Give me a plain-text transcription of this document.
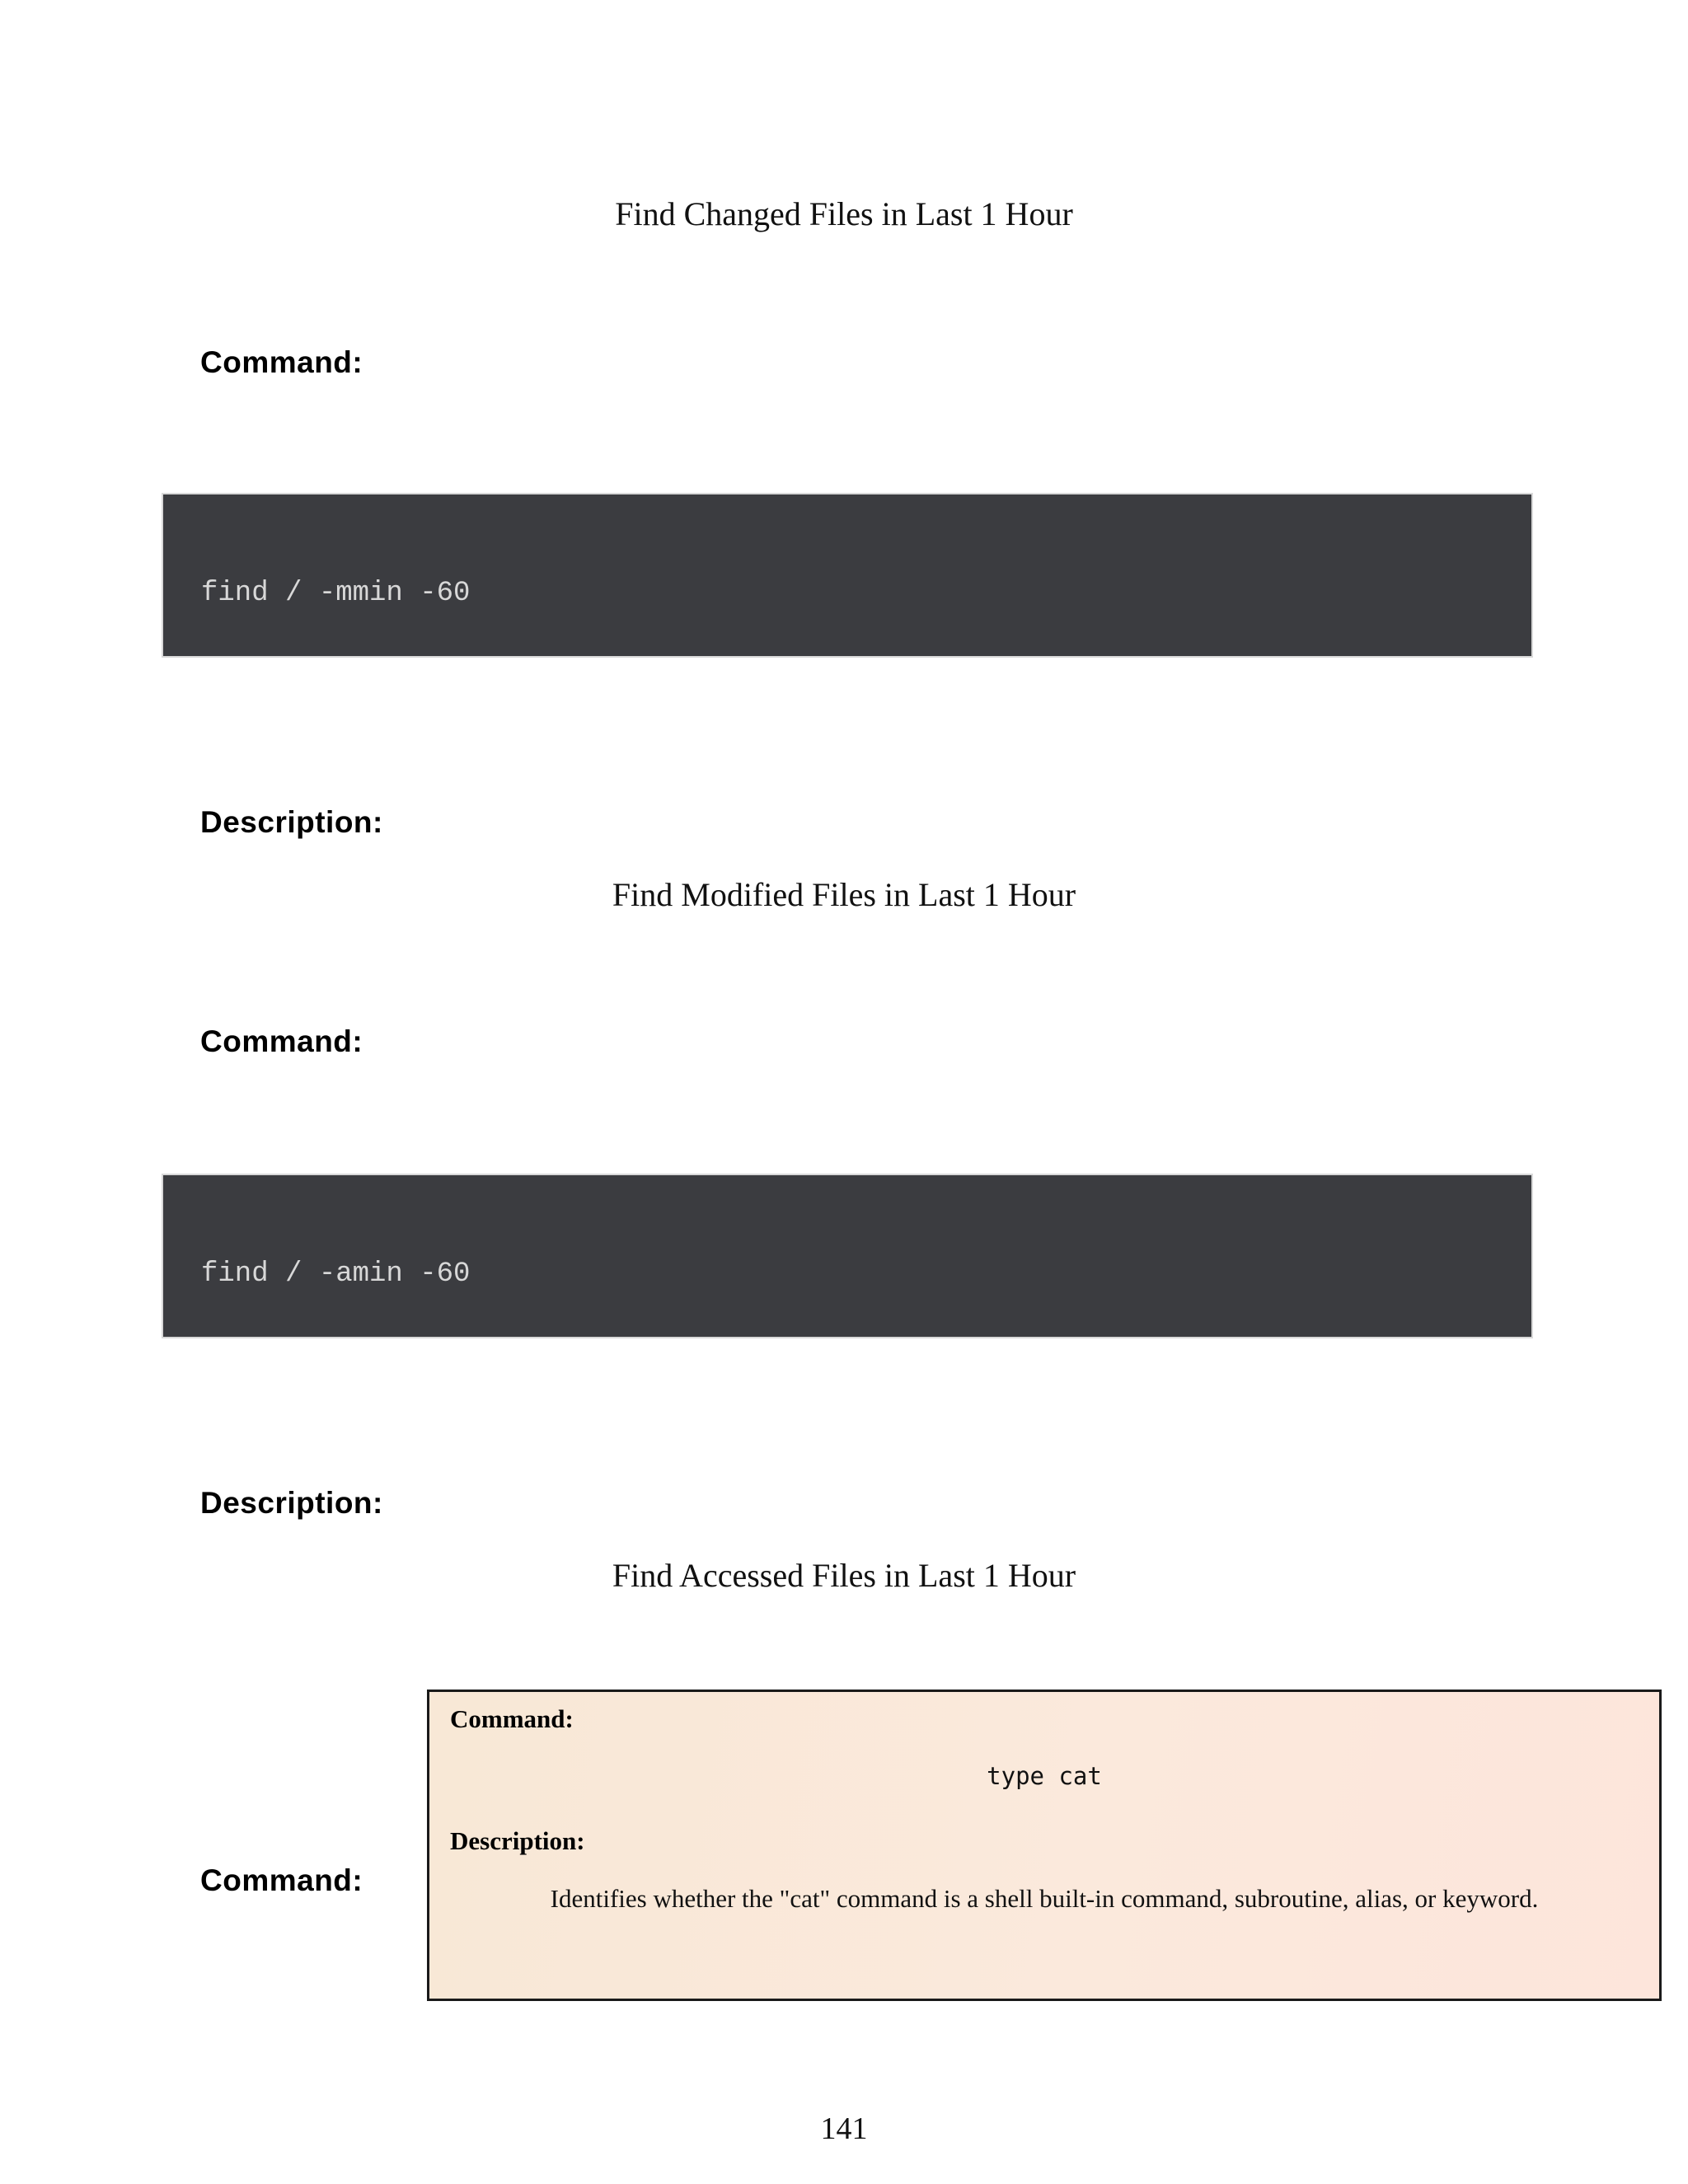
Find Changed Files in Last 1 Hour
Command:
find / -mmin -60
Description:
Find Modified Files in Last 1 Hour
Command:
find / -amin -60
Description:
Find Accessed Files in Last 1 Hour
Command:
Command:
type cat
Description:
Identifies whether the "cat" command is a shell built-in command, subroutine, alias, or keyword.
141
